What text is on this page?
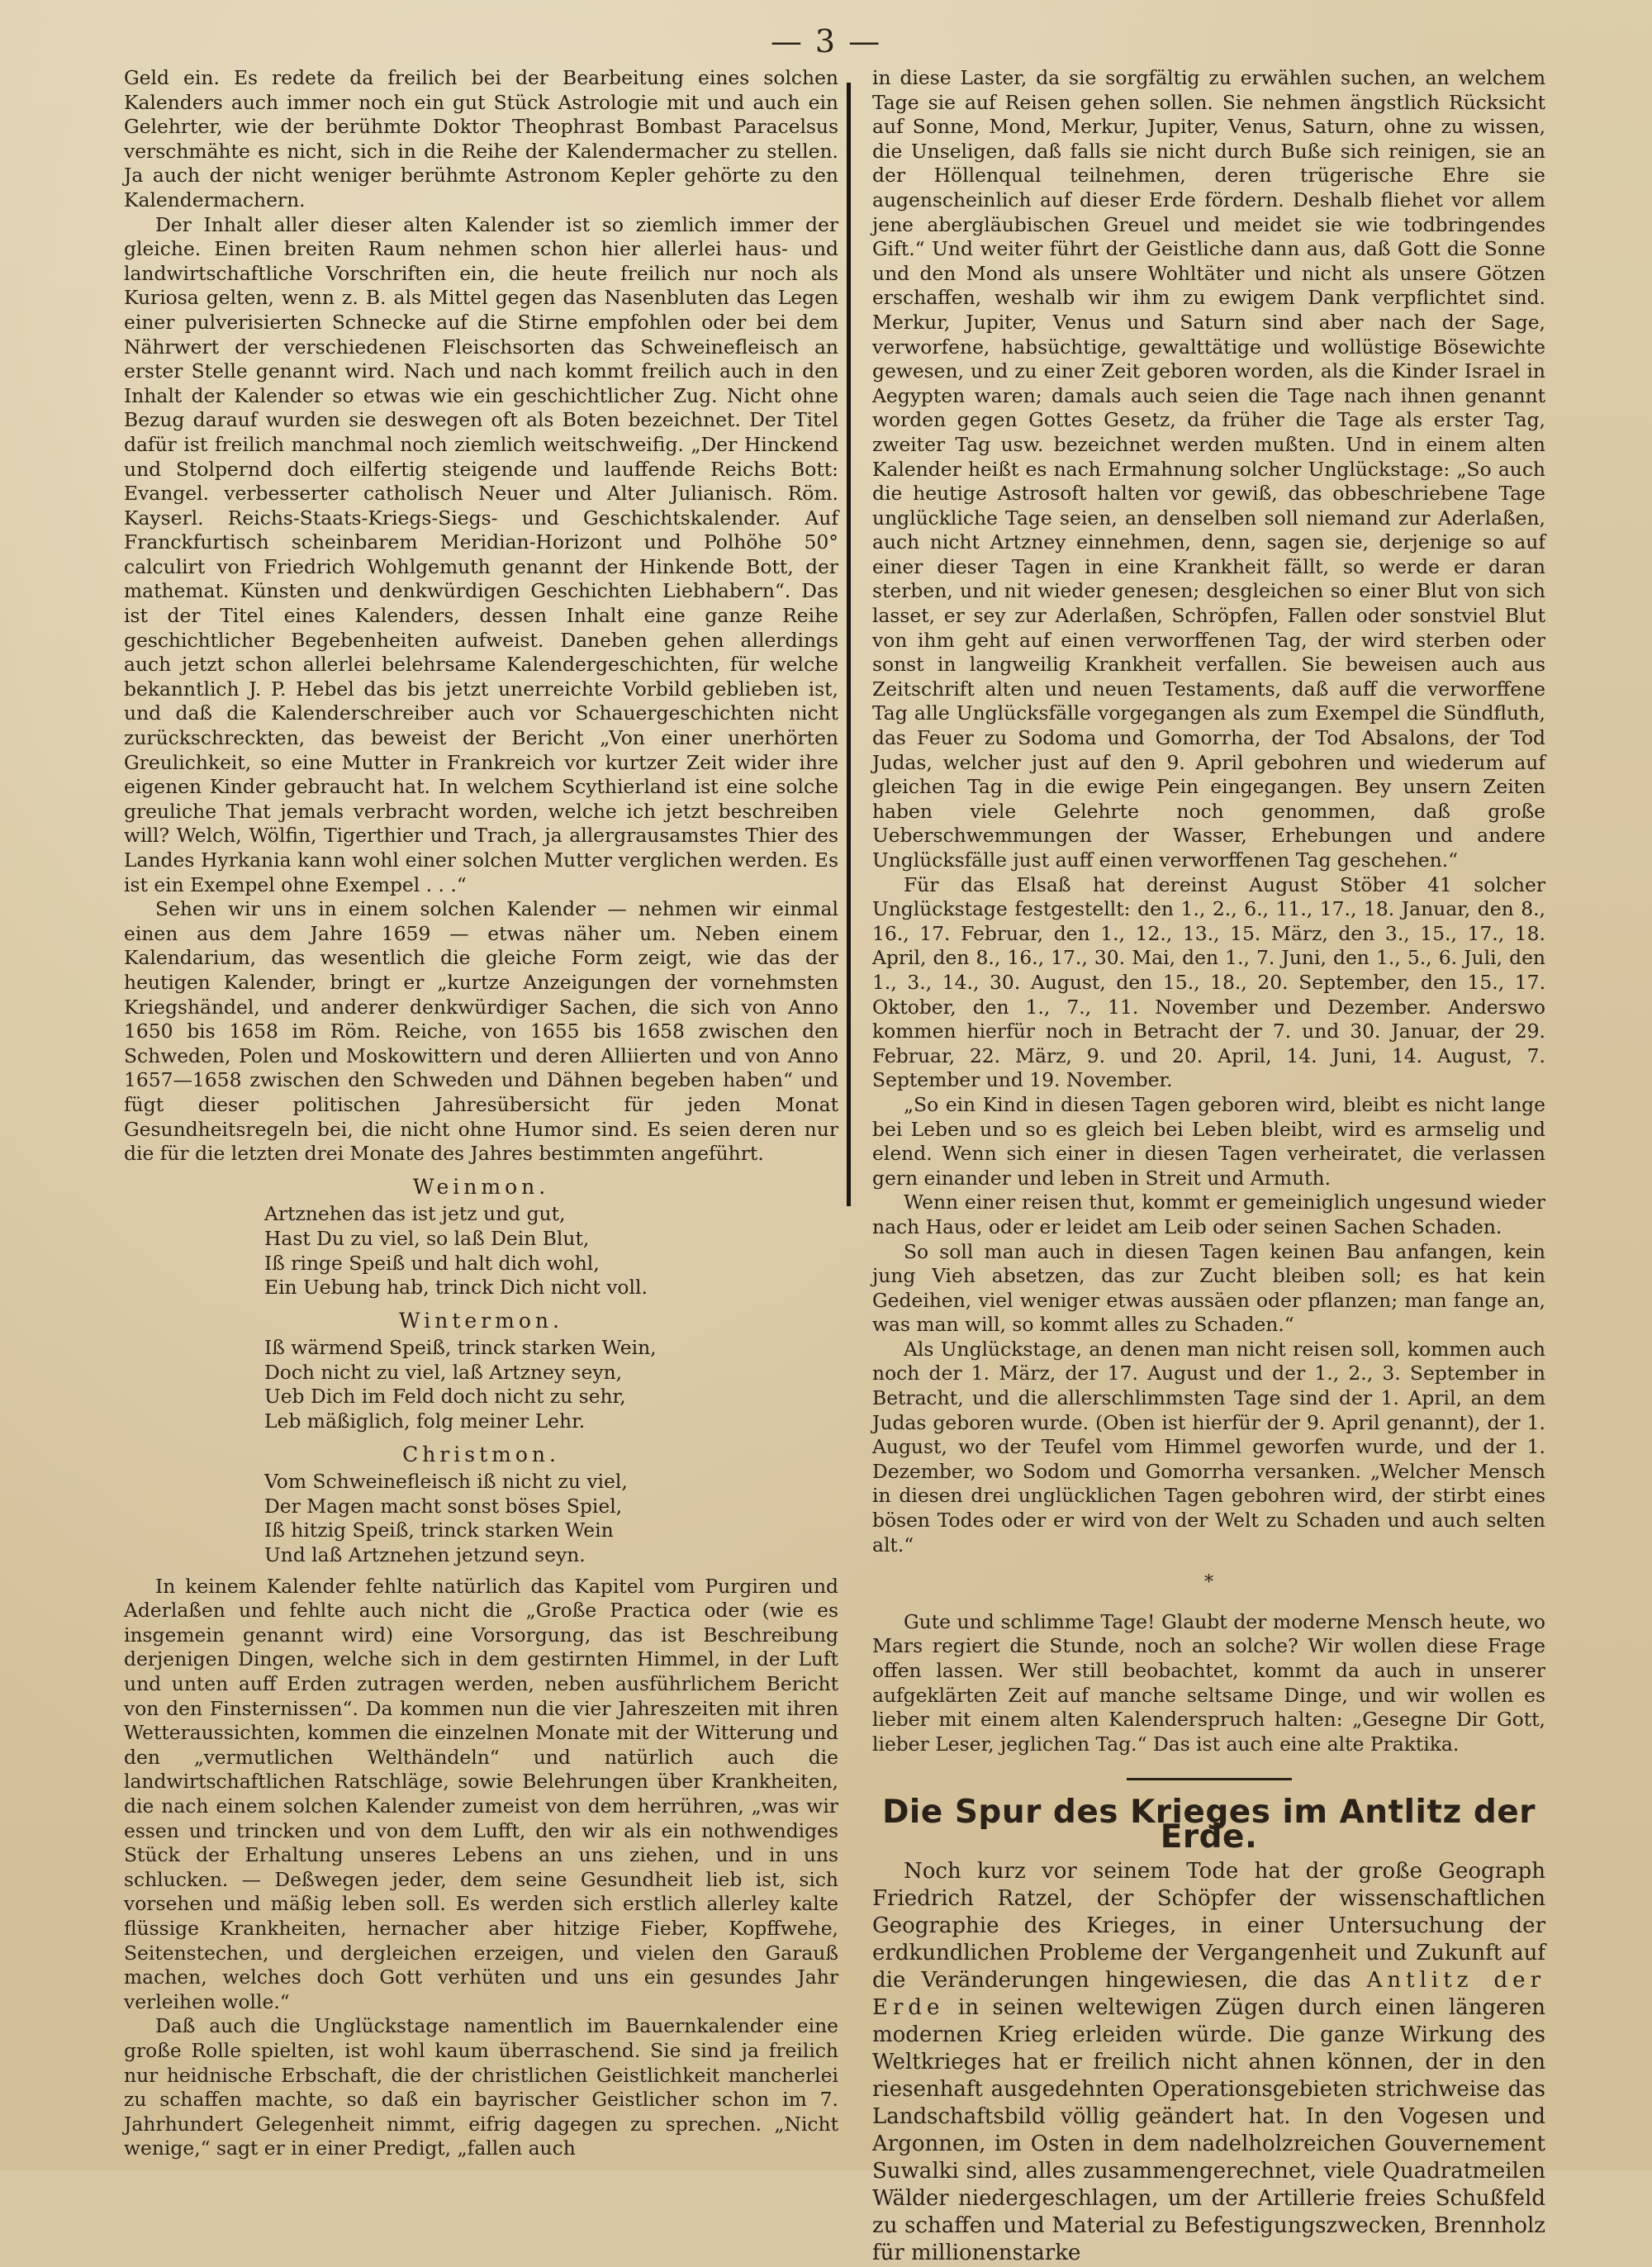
— 3 —

Geld ein. Es redete da freilich bei der Bearbeitung eines solchen Kalenders auch immer noch ein gut Stück Astrologie mit und auch ein Gelehrter, wie der berühmte Doktor Theophrast Bombast Paracelsus verschmähte es nicht, sich in die Reihe der Kalendermacher zu stellen. Ja auch der nicht weniger berühmte Astronom Kepler gehörte zu den Kalendermachern.

Der Inhalt aller dieser alten Kalender ist so ziemlich immer der gleiche. Einen breiten Raum nehmen schon hier allerlei haus- und landwirtschaftliche Vorschriften ein, die heute freilich nur noch als Kuriosa gelten, wenn z. B. als Mittel gegen das Nasenbluten das Legen einer pulverisierten Schnecke auf die Stirne empfohlen oder bei dem Nährwert der verschiedenen Fleischsorten das Schweinefleisch an erster Stelle genannt wird. Nach und nach kommt freilich auch in den Inhalt der Kalender so etwas wie ein geschichtlicher Zug. Nicht ohne Bezug darauf wurden sie deswegen oft als Boten bezeichnet. Der Titel dafür ist freilich manchmal noch ziemlich weitschweifig. „Der Hinckend und Stolpernd doch eilfertig steigende und lauffende Reichs Bott: Evangel. verbesserter catholisch Neuer und Alter Julianisch. Röm. Kayserl. Reichs-Staats-Kriegs-Siegs- und Geschichtskalender. Auf Franckfurtisch scheinbarem Meridian-Horizont und Polhöhe 50° calculirt von Friedrich Wohlgemuth genannt der Hinkende Bott, der mathemat. Künsten und denkwürdigen Geschichten Liebhabern“. Das ist der Titel eines Kalenders, dessen Inhalt eine ganze Reihe geschichtlicher Begebenheiten aufweist. Daneben gehen allerdings auch jetzt schon allerlei belehrsame Kalendergeschichten, für welche bekanntlich J. P. Hebel das bis jetzt unerreichte Vorbild geblieben ist, und daß die Kalenderschreiber auch vor Schauergeschichten nicht zurückschreckten, das beweist der Bericht „Von einer unerhörten Greulichkeit, so eine Mutter in Frankreich vor kurtzer Zeit wider ihre eigenen Kinder gebraucht hat. In welchem Scythierland ist eine solche greuliche That jemals verbracht worden, welche ich jetzt beschreiben will? Welch, Wölfin, Tigerthier und Trach, ja allergrausamstes Thier des Landes Hyrkania kann wohl einer solchen Mutter verglichen werden. Es ist ein Exempel ohne Exempel . . .“

Sehen wir uns in einem solchen Kalender — nehmen wir einmal einen aus dem Jahre 1659 — etwas näher um. Neben einem Kalendarium, das wesentlich die gleiche Form zeigt, wie das der heutigen Kalender, bringt er „kurtze Anzeigungen der vornehmsten Kriegshändel, und anderer denkwürdiger Sachen, die sich von Anno 1650 bis 1658 im Röm. Reiche, von 1655 bis 1658 zwischen den Schweden, Polen und Moskowittern und deren Alliierten und von Anno 1657—1658 zwischen den Schweden und Dähnen begeben haben“ und fügt dieser politischen Jahresübersicht für jeden Monat Gesundheitsregeln bei, die nicht ohne Humor sind. Es seien deren nur die für die letzten drei Monate des Jahres bestimmten angeführt.

Weinmon.
Artznehen das ist jetz und gut,
Hast Du zu viel, so laß Dein Blut,
Iß ringe Speiß und halt dich wohl,
Ein Uebung hab, trinck Dich nicht voll.
Wintermon.
Iß wärmend Speiß, trinck starken Wein,
Doch nicht zu viel, laß Artzney seyn,
Ueb Dich im Feld doch nicht zu sehr,
Leb mäßiglich, folg meiner Lehr.
Christmon.
Vom Schweinefleisch iß nicht zu viel,
Der Magen macht sonst böses Spiel,
Iß hitzig Speiß, trinck starken Wein
Und laß Artznehen jetzund seyn.

In keinem Kalender fehlte natürlich das Kapitel vom Purgiren und Aderlaßen und fehlte auch nicht die „Große Practica oder (wie es insgemein genannt wird) eine Vorsorgung, das ist Beschreibung derjenigen Dingen, welche sich in dem gestirnten Himmel, in der Luft und unten auff Erden zutragen werden, neben ausführlichem Bericht von den Finsternissen“. Da kommen nun die vier Jahreszeiten mit ihren Wetteraussichten, kommen die einzelnen Monate mit der Witterung und den „vermutlichen Welthändeln“ und natürlich auch die landwirtschaftlichen Ratschläge, sowie Belehrungen über Krankheiten, die nach einem solchen Kalender zumeist von dem herrühren, „was wir essen und trincken und von dem Lufft, den wir als ein nothwendiges Stück der Erhaltung unseres Lebens an uns ziehen, und in uns schlucken. — Deßwegen jeder, dem seine Gesundheit lieb ist, sich vorsehen und mäßig leben soll. Es werden sich erstlich allerley kalte flüssige Krankheiten, hernacher aber hitzige Fieber, Kopffwehe, Seitenstechen, und dergleichen erzeigen, und vielen den Garauß machen, welches doch Gott verhüten und uns ein gesundes Jahr verleihen wolle.“

Daß auch die Unglückstage namentlich im Bauernkalender eine große Rolle spielten, ist wohl kaum überraschend. Sie sind ja freilich nur heidnische Erbschaft, die der christlichen Geistlichkeit mancherlei zu schaffen machte, so daß ein bayrischer Geistlicher schon im 7. Jahrhundert Gelegenheit nimmt, eifrig dagegen zu sprechen. „Nicht wenige,“ sagt er in einer Predigt, „fallen auch

in diese Laster, da sie sorgfältig zu erwählen suchen, an welchem Tage sie auf Reisen gehen sollen. Sie nehmen ängstlich Rücksicht auf Sonne, Mond, Merkur, Jupiter, Venus, Saturn, ohne zu wissen, die Unseligen, daß falls sie nicht durch Buße sich reinigen, sie an der Höllenqual teilnehmen, deren trügerische Ehre sie augenscheinlich auf dieser Erde fördern. Deshalb fliehet vor allem jene abergläubischen Greuel und meidet sie wie todbringendes Gift.“ Und weiter führt der Geistliche dann aus, daß Gott die Sonne und den Mond als unsere Wohltäter und nicht als unsere Götzen erschaffen, weshalb wir ihm zu ewigem Dank verpflichtet sind. Merkur, Jupiter, Venus und Saturn sind aber nach der Sage, verworfene, habsüchtige, gewalttätige und wollüstige Bösewichte gewesen, und zu einer Zeit geboren worden, als die Kinder Israel in Aegypten waren; damals auch seien die Tage nach ihnen genannt worden gegen Gottes Gesetz, da früher die Tage als erster Tag, zweiter Tag usw. bezeichnet werden mußten. Und in einem alten Kalender heißt es nach Ermahnung solcher Unglückstage: „So auch die heutige Astrosoft halten vor gewiß, das obbeschriebene Tage unglückliche Tage seien, an denselben soll niemand zur Aderlaßen, auch nicht Artzney einnehmen, denn, sagen sie, derjenige so auf einer dieser Tagen in eine Krankheit fällt, so werde er daran sterben, und nit wieder genesen; desgleichen so einer Blut von sich lasset, er sey zur Aderlaßen, Schröpfen, Fallen oder sonstviel Blut von ihm geht auf einen verworffenen Tag, der wird sterben oder sonst in langweilig Krankheit verfallen. Sie beweisen auch aus Zeitschrift alten und neuen Testaments, daß auff die verworffene Tag alle Unglücksfälle vorgegangen als zum Exempel die Sündfluth, das Feuer zu Sodoma und Gomorrha, der Tod Absalons, der Tod Judas, welcher just auf den 9. April gebohren und wiederum auf gleichen Tag in die ewige Pein eingegangen. Bey unsern Zeiten haben viele Gelehrte noch genommen, daß große Ueberschwemmungen der Wasser, Erhebungen und andere Unglücksfälle just auff einen verworffenen Tag geschehen.“

Für das Elsaß hat dereinst August Stöber 41 solcher Unglückstage festgestellt: den 1., 2., 6., 11., 17., 18. Januar, den 8., 16., 17. Februar, den 1., 12., 13., 15. März, den 3., 15., 17., 18. April, den 8., 16., 17., 30. Mai, den 1., 7. Juni, den 1., 5., 6. Juli, den 1., 3., 14., 30. August, den 15., 18., 20. September, den 15., 17. Oktober, den 1., 7., 11. November und Dezember. Anderswo kommen hierfür noch in Betracht der 7. und 30. Januar, der 29. Februar, 22. März, 9. und 20. April, 14. Juni, 14. August, 7. September und 19. November.

„So ein Kind in diesen Tagen geboren wird, bleibt es nicht lange bei Leben und so es gleich bei Leben bleibt, wird es armselig und elend. Wenn sich einer in diesen Tagen verheiratet, die verlassen gern einander und leben in Streit und Armuth.

Wenn einer reisen thut, kommt er gemeiniglich ungesund wieder nach Haus, oder er leidet am Leib oder seinen Sachen Schaden.

So soll man auch in diesen Tagen keinen Bau anfangen, kein jung Vieh absetzen, das zur Zucht bleiben soll; es hat kein Gedeihen, viel weniger etwas aussäen oder pflanzen; man fange an, was man will, so kommt alles zu Schaden.“

Als Unglückstage, an denen man nicht reisen soll, kommen auch noch der 1. März, der 17. August und der 1., 2., 3. September in Betracht, und die allerschlimmsten Tage sind der 1. April, an dem Judas geboren wurde. (Oben ist hierfür der 9. April genannt), der 1. August, wo der Teufel vom Himmel geworfen wurde, und der 1. Dezember, wo Sodom und Gomorrha versanken. „Welcher Mensch in diesen drei unglücklichen Tagen gebohren wird, der stirbt eines bösen Todes oder er wird von der Welt zu Schaden und auch selten alt.“

*

Gute und schlimme Tage! Glaubt der moderne Mensch heute, wo Mars regiert die Stunde, noch an solche? Wir wollen diese Frage offen lassen. Wer still beobachtet, kommt da auch in unserer aufgeklärten Zeit auf manche seltsame Dinge, und wir wollen es lieber mit einem alten Kalenderspruch halten: „Gesegne Dir Gott, lieber Leser, jeglichen Tag.“ Das ist auch eine alte Praktika.

Die Spur des Krieges im Antlitz der Erde.

Noch kurz vor seinem Tode hat der große Geograph Friedrich Ratzel, der Schöpfer der wissenschaftlichen Geographie des Krieges, in einer Untersuchung der erdkundlichen Probleme der Vergangenheit und Zukunft auf die Veränderungen hingewiesen, die das Antlitz der Erde in seinen weltewigen Zügen durch einen längeren modernen Krieg erleiden würde. Die ganze Wirkung des Weltkrieges hat er freilich nicht ahnen können, der in den riesenhaft ausgedehnten Operationsgebieten strichweise das Landschaftsbild völlig geändert hat. In den Vogesen und Argonnen, im Osten in dem nadelholzreichen Gouvernement Suwalki sind, alles zusammengerechnet, viele Quadratmeilen Wälder niedergeschlagen, um der Artillerie freies Schußfeld zu schaffen und Material zu Befestigungszwecken, Brennholz für millionenstarke
